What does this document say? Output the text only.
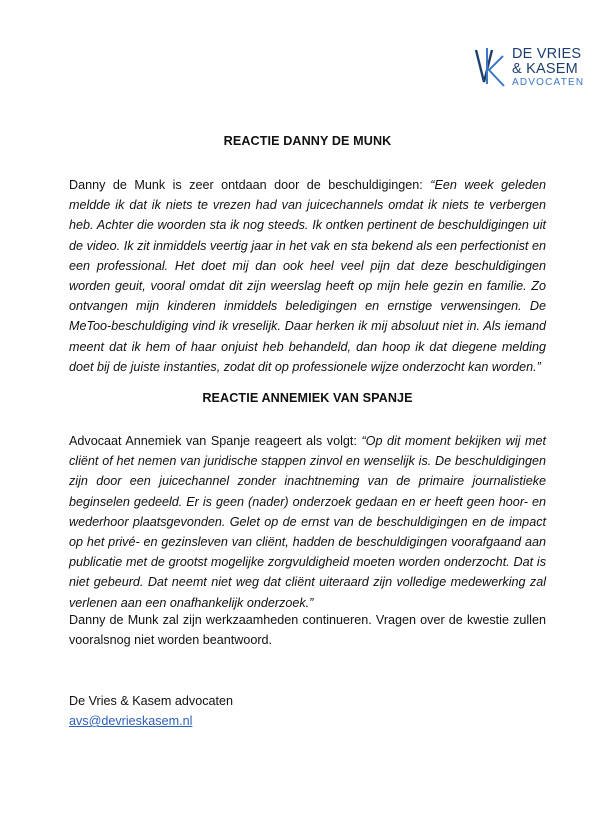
DE VRIES
& KASEM
ADVOCATEN
REACTIE DANNY DE MUNK
Danny de Munk is zeer ontdaan door de beschuldigingen: “Een week geleden meldde ik dat ik niets te vrezen had van juicechannels omdat ik niets te verbergen heb. Achter die woorden sta ik nog steeds. Ik ontken pertinent de beschuldigingen uit de video. Ik zit inmiddels veertig jaar in het vak en sta bekend als een perfectionist en een professional. Het doet mij dan ook heel veel pijn dat deze beschuldigingen worden geuit, vooral omdat dit zijn weerslag heeft op mijn hele gezin en familie. Zo ontvangen mijn kinderen inmiddels beledigingen en ernstige verwensingen. De MeToo-beschuldiging vind ik vreselijk. Daar herken ik mij absoluut niet in. Als iemand meent dat ik hem of haar onjuist heb behandeld, dan hoop ik dat diegene melding doet bij de juiste instanties, zodat dit op professionele wijze onderzocht kan worden.”
REACTIE ANNEMIEK VAN SPANJE
Advocaat Annemiek van Spanje reageert als volgt: “Op dit moment bekijken wij met cliënt of het nemen van juridische stappen zinvol en wenselijk is. De beschuldigingen zijn door een juicechannel zonder inachtneming van de primaire journalistieke beginselen gedeeld. Er is geen (nader) onderzoek gedaan en er heeft geen hoor- en wederhoor plaatsgevonden. Gelet op de ernst van de beschuldigingen en de impact op het privé- en gezinsleven van cliënt, hadden de beschuldigingen voorafgaand aan publicatie met de grootst mogelijke zorgvuldigheid moeten worden onderzocht. Dat is niet gebeurd. Dat neemt niet weg dat cliënt uiteraard zijn volledige medewerking zal verlenen aan een onafhankelijk onderzoek.”
Danny de Munk zal zijn werkzaamheden continueren. Vragen over de kwestie zullen vooralsnog niet worden beantwoord.
De Vries & Kasem advocaten
avs@devrieskasem.nl
